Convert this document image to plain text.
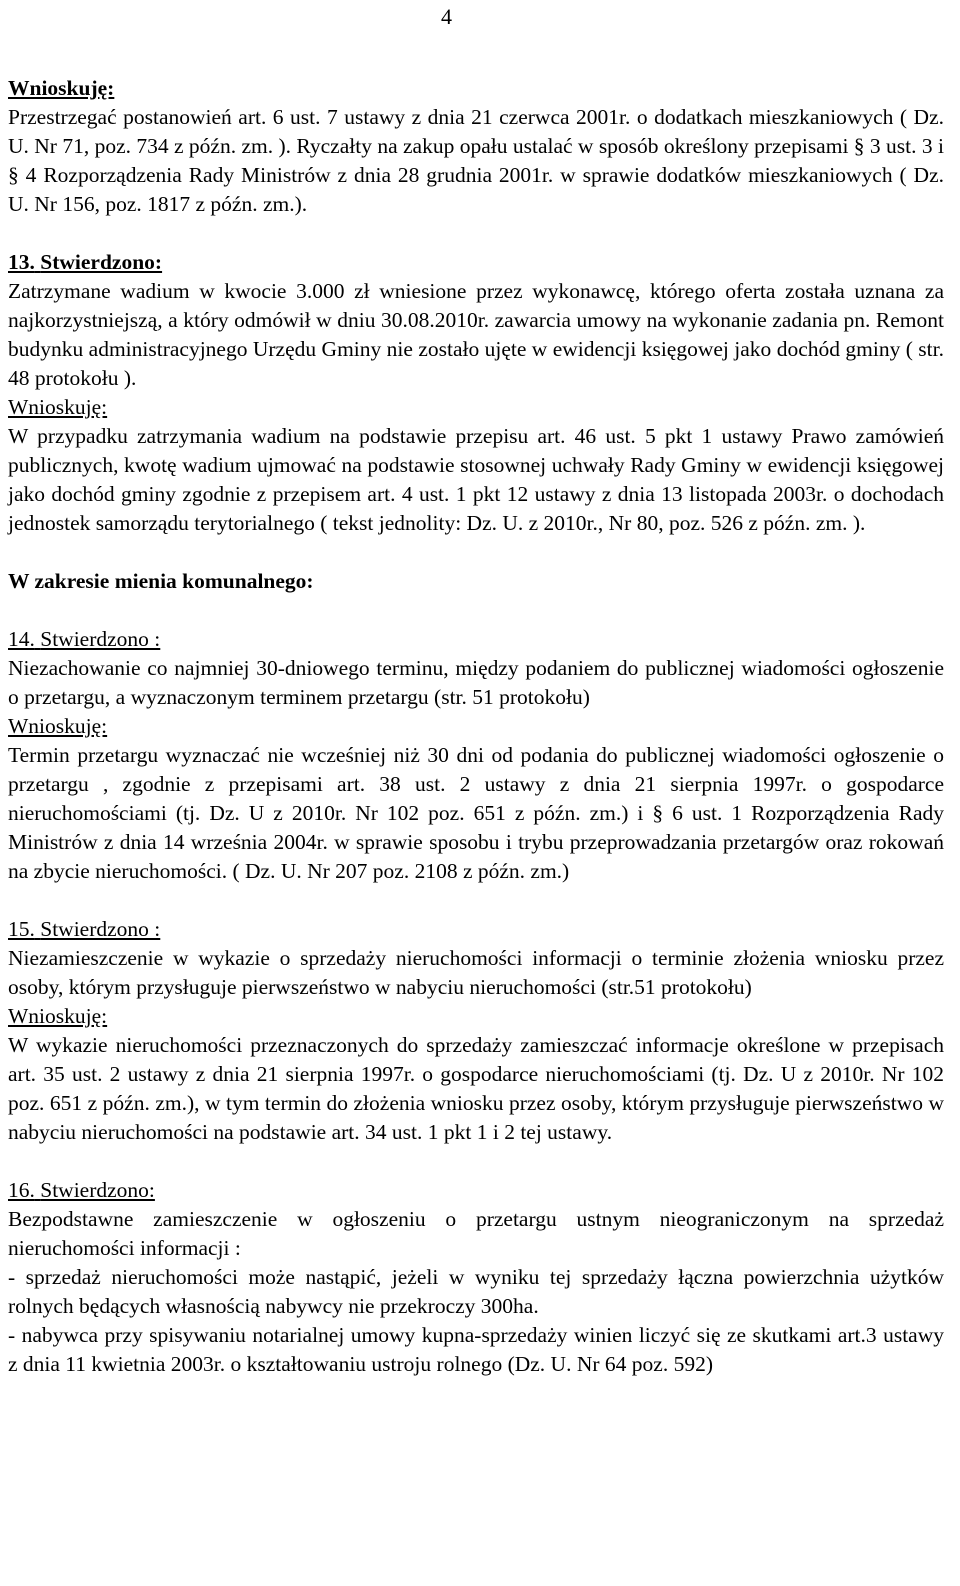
4

Wnioskuję:

Przestrzegać postanowień art. 6 ust. 7 ustawy z dnia 21 czerwca 2001r. o dodatkach mieszkaniowych ( Dz. U. Nr 71, poz. 734 z późn. zm. ). Ryczałty na zakup opału ustalać w sposób określony przepisami § 3 ust. 3 i § 4 Rozporządzenia Rady Ministrów z dnia 28 grudnia 2001r. w sprawie dodatków mieszkaniowych ( Dz. U. Nr 156, poz. 1817 z późn. zm.).

13. Stwierdzono:

Zatrzymane wadium w kwocie 3.000 zł wniesione przez wykonawcę, którego oferta została uznana za najkorzystniejszą, a który odmówił w dniu 30.08.2010r. zawarcia umowy na wykonanie zadania pn. Remont budynku administracyjnego Urzędu Gminy nie zostało ujęte w ewidencji księgowej jako dochód gminy ( str. 48 protokołu ).

Wnioskuję:

W przypadku zatrzymania wadium na podstawie przepisu art. 46 ust. 5 pkt 1 ustawy Prawo zamówień publicznych, kwotę wadium ujmować na podstawie stosownej uchwały Rady Gminy w ewidencji księgowej jako dochód gminy zgodnie z przepisem art. 4 ust. 1 pkt 12 ustawy z dnia 13 listopada 2003r. o dochodach jednostek samorządu terytorialnego ( tekst jednolity: Dz. U. z 2010r., Nr 80, poz. 526 z późn. zm. ).

W zakresie mienia komunalnego:

14. Stwierdzono :

Niezachowanie co najmniej 30-dniowego terminu, między podaniem do publicznej wiadomości ogłoszenie o przetargu, a wyznaczonym terminem przetargu (str. 51 protokołu)

Wnioskuję:

Termin przetargu wyznaczać nie wcześniej niż 30 dni od podania do publicznej wiadomości ogłoszenie o przetargu , zgodnie z przepisami art. 38 ust. 2 ustawy z dnia 21 sierpnia 1997r. o gospodarce nieruchomościami (tj. Dz. U z 2010r. Nr 102 poz. 651 z późn. zm.) i § 6 ust. 1 Rozporządzenia Rady Ministrów z dnia 14 września 2004r. w sprawie sposobu i trybu przeprowadzania przetargów oraz rokowań na zbycie nieruchomości. ( Dz. U. Nr 207 poz. 2108 z późn. zm.)

15. Stwierdzono :

Niezamieszczenie w wykazie o sprzedaży nieruchomości informacji o terminie złożenia wniosku przez osoby, którym przysługuje pierwszeństwo w nabyciu nieruchomości (str.51 protokołu)

Wnioskuję:

W wykazie nieruchomości przeznaczonych do sprzedaży zamieszczać informacje określone w przepisach art. 35 ust. 2 ustawy z dnia 21 sierpnia 1997r. o gospodarce nieruchomościami (tj. Dz. U z 2010r. Nr 102 poz. 651 z późn. zm.), w tym termin do złożenia wniosku przez osoby, którym przysługuje pierwszeństwo w nabyciu nieruchomości na podstawie art. 34 ust. 1 pkt 1 i 2 tej ustawy.

16. Stwierdzono:

Bezpodstawne zamieszczenie w ogłoszeniu o przetargu ustnym nieograniczonym na sprzedaż nieruchomości informacji :

- sprzedaż nieruchomości może nastąpić, jeżeli w wyniku tej sprzedaży łączna powierzchnia użytków rolnych będących własnością nabywcy nie przekroczy 300ha.

- nabywca przy spisywaniu notarialnej umowy kupna-sprzedaży winien liczyć się ze skutkami art.3 ustawy z dnia 11 kwietnia 2003r. o kształtowaniu ustroju rolnego (Dz. U. Nr 64 poz. 592)
